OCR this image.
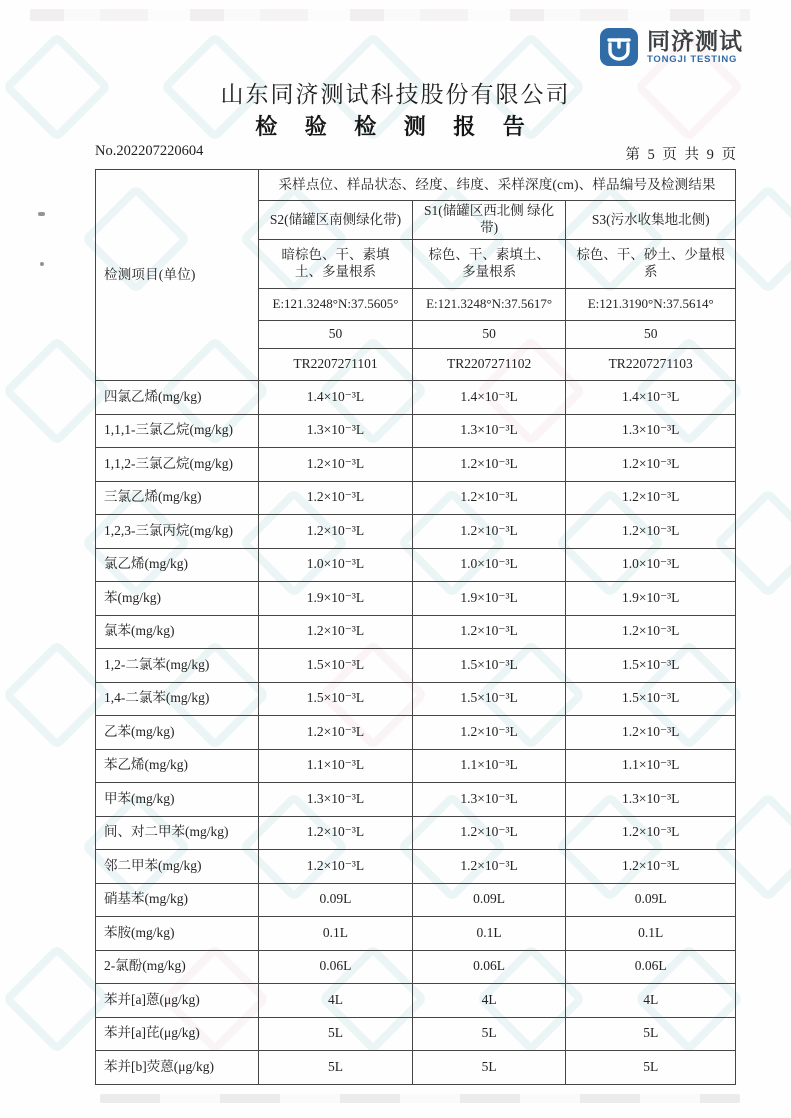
同济测试
TONGJI TESTING
山东同济测试科技股份有限公司
检 验 检 测 报 告
No.202207220604	第 5 页 共 9 页
检测项目(单位)	采样点位、样品状态、经度、纬度、采样深度(cm)、样品编号及检测结果		
	S2(储罐区南侧绿化带)	S1(储罐区西北侧 绿化带)	S3(污水收集地北侧)
	暗棕色、干、素填土、多量根系	棕色、干、素填土、多量根系	棕色、干、砂土、少量根系
	E:121.3248°N:37.5605°	E:121.3248°N:37.5617°	E:121.3190°N:37.5614°
	50	50	50
	TR2207271101	TR2207271102	TR2207271103
四氯乙烯(mg/kg)	1.4×10⁻³L	1.4×10⁻³L	1.4×10⁻³L
1,1,1-三氯乙烷(mg/kg)	1.3×10⁻³L	1.3×10⁻³L	1.3×10⁻³L
1,1,2-三氯乙烷(mg/kg)	1.2×10⁻³L	1.2×10⁻³L	1.2×10⁻³L
三氯乙烯(mg/kg)	1.2×10⁻³L	1.2×10⁻³L	1.2×10⁻³L
1,2,3-三氯丙烷(mg/kg)	1.2×10⁻³L	1.2×10⁻³L	1.2×10⁻³L
氯乙烯(mg/kg)	1.0×10⁻³L	1.0×10⁻³L	1.0×10⁻³L
苯(mg/kg)	1.9×10⁻³L	1.9×10⁻³L	1.9×10⁻³L
氯苯(mg/kg)	1.2×10⁻³L	1.2×10⁻³L	1.2×10⁻³L
1,2-二氯苯(mg/kg)	1.5×10⁻³L	1.5×10⁻³L	1.5×10⁻³L
1,4-二氯苯(mg/kg)	1.5×10⁻³L	1.5×10⁻³L	1.5×10⁻³L
乙苯(mg/kg)	1.2×10⁻³L	1.2×10⁻³L	1.2×10⁻³L
苯乙烯(mg/kg)	1.1×10⁻³L	1.1×10⁻³L	1.1×10⁻³L
甲苯(mg/kg)	1.3×10⁻³L	1.3×10⁻³L	1.3×10⁻³L
间、对二甲苯(mg/kg)	1.2×10⁻³L	1.2×10⁻³L	1.2×10⁻³L
邻二甲苯(mg/kg)	1.2×10⁻³L	1.2×10⁻³L	1.2×10⁻³L
硝基苯(mg/kg)	0.09L	0.09L	0.09L
苯胺(mg/kg)	0.1L	0.1L	0.1L
2-氯酚(mg/kg)	0.06L	0.06L	0.06L
苯并[a]蒽(μg/kg)	4L	4L	4L
苯并[a]芘(μg/kg)	5L	5L	5L
苯并[b]荧蒽(μg/kg)	5L	5L	5L
